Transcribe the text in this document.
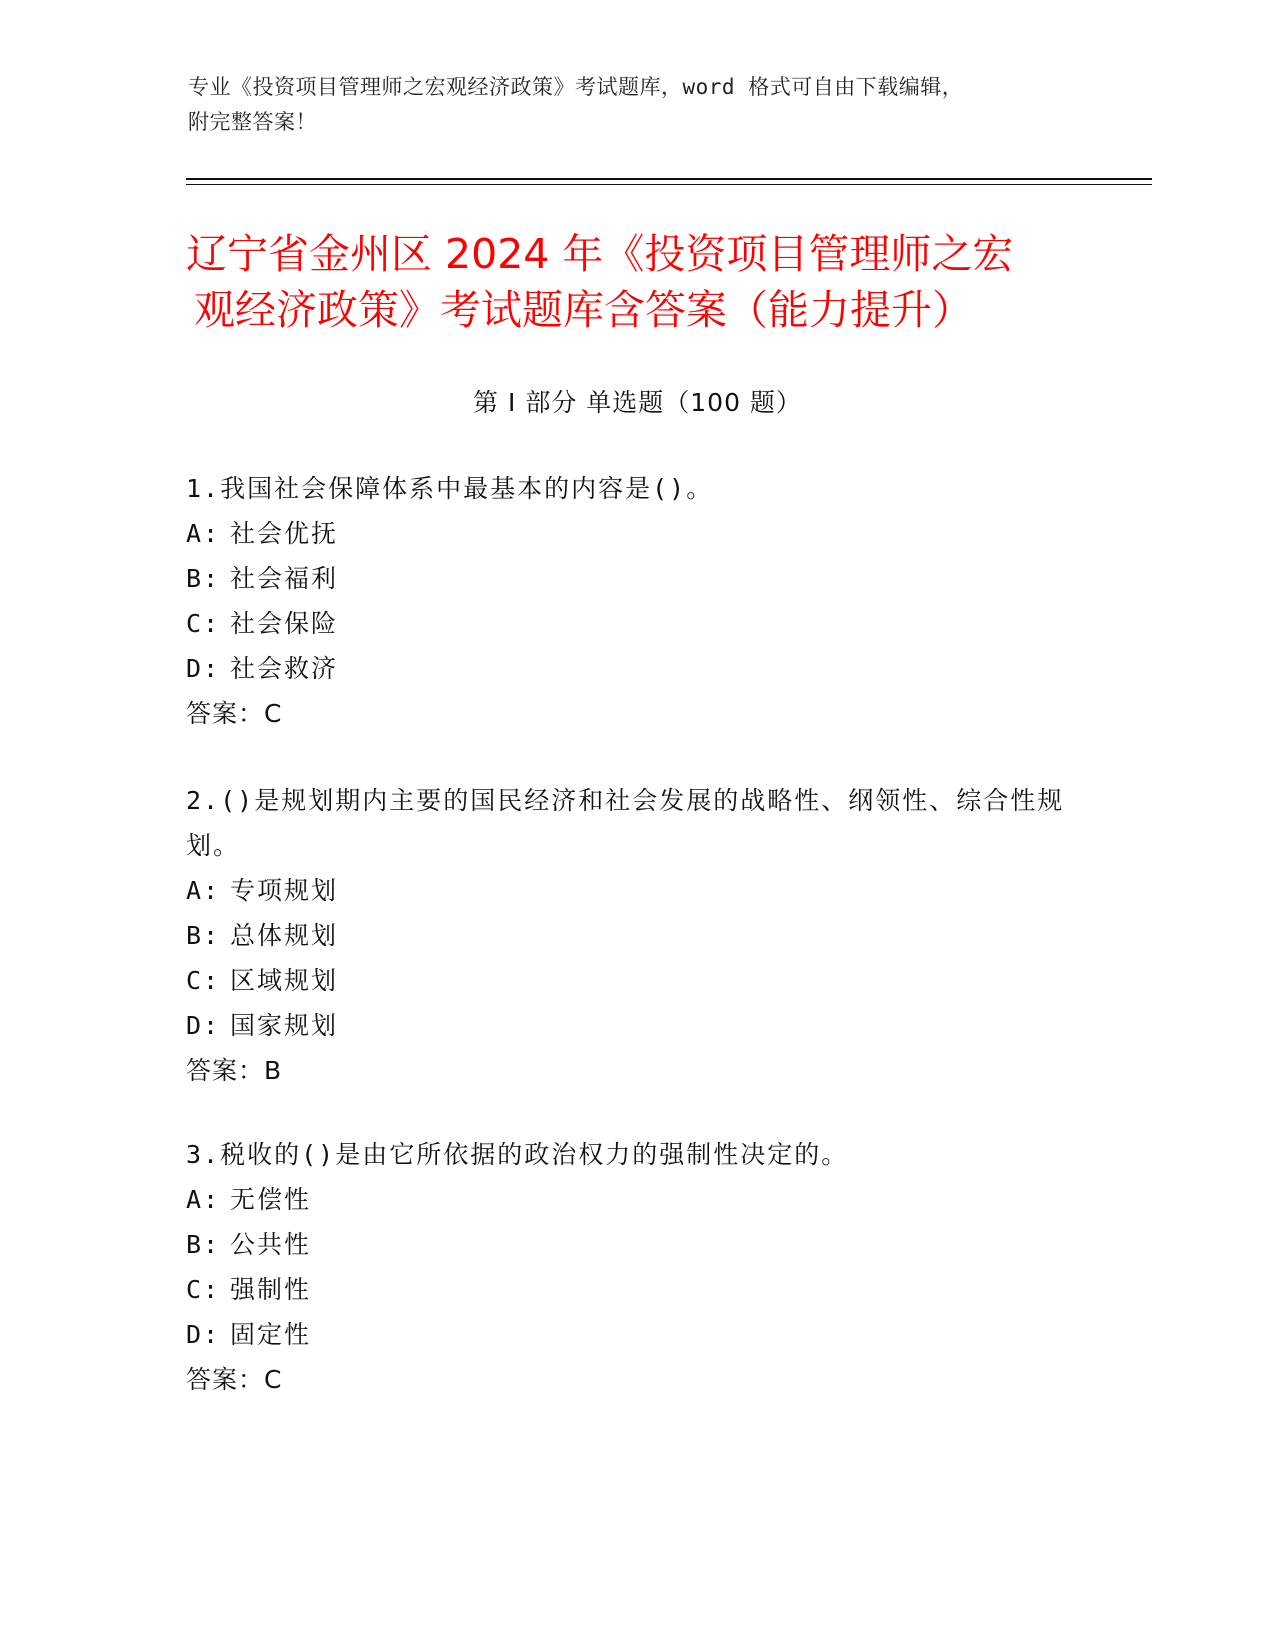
专业《投资项目管理师之宏观经济政策》考试题库，word 格式可自由下载编辑，
附完整答案！
辽宁省金州区 2024 年《投资项目管理师之宏
观经济政策》考试题库含答案（能力提升）
第 I 部分 单选题（100 题）

1.我国社会保障体系中最基本的内容是()。

A: 社会优抚

B: 社会福利

C: 社会保险

D: 社会救济

答案：C

2.()是规划期内主要的国民经济和社会发展的战略性、纲领性、综合性规划。

A: 专项规划

B: 总体规划

C: 区域规划

D: 国家规划

答案：B

3.税收的()是由它所依据的政治权力的强制性决定的。

A: 无偿性

B: 公共性

C: 强制性

D: 固定性

答案：C
